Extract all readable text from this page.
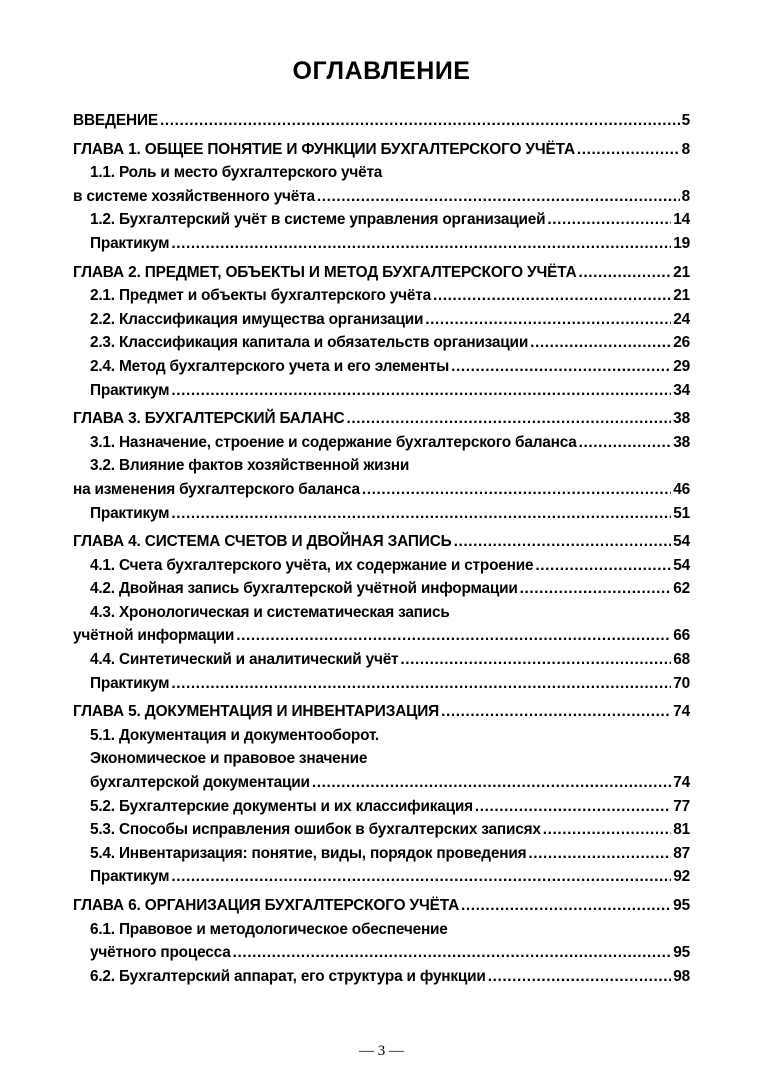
ОГЛАВЛЕНИЕ
ВВЕДЕНИЕ .....	5
ГЛАВА 1. ОБЩЕЕ ПОНЯТИЕ И ФУНКЦИИ БУХГАЛТЕРСКОГО УЧЁТА .....	8
1.1. Роль и место бухгалтерского учёта
в системе хозяйственного учёта .....	8
1.2. Бухгалтерский учёт в системе управления организацией .....	14
Практикум .....	19
ГЛАВА 2. ПРЕДМЕТ, ОБЪЕКТЫ И МЕТОД БУХГАЛТЕРСКОГО УЧЁТА .....	21
2.1. Предмет и объекты бухгалтерского учёта .....	21
2.2. Классификация имущества организации .....	24
2.3. Классификация капитала и обязательств организации .....	26
2.4. Метод бухгалтерского учета и его элементы .....	29
Практикум .....	34
ГЛАВА 3. БУХГАЛТЕРСКИЙ БАЛАНС .....	38
3.1. Назначение, строение и содержание бухгалтерского баланса .....	38
3.2. Влияние фактов хозяйственной жизни
на изменения бухгалтерского баланса .....	46
Практикум .....	51
ГЛАВА 4. СИСТЕМА СЧЕТОВ И ДВОЙНАЯ ЗАПИСЬ .....	54
4.1. Счета бухгалтерского учёта, их содержание и строение .....	54
4.2. Двойная запись бухгалтерской учётной информации .....	62
4.3. Хронологическая и систематическая запись
учётной информации .....	66
4.4. Синтетический и аналитический учёт .....	68
Практикум .....	70
ГЛАВА 5. ДОКУМЕНТАЦИЯ И ИНВЕНТАРИЗАЦИЯ .....	74
5.1. Документация и документооборот.
Экономическое и правовое значение
бухгалтерской документации .....	74
5.2. Бухгалтерские документы и их классификация .....	77
5.3. Способы исправления ошибок в бухгалтерских записях .....	81
5.4. Инвентаризация: понятие, виды, порядок проведения .....	87
Практикум .....	92
ГЛАВА 6. ОРГАНИЗАЦИЯ БУХГАЛТЕРСКОГО УЧЁТА .....	95
6.1. Правовое и методологическое обеспечение
учётного процесса .....	95
6.2. Бухгалтерский аппарат, его структура и функции .....	98
— 3 —
